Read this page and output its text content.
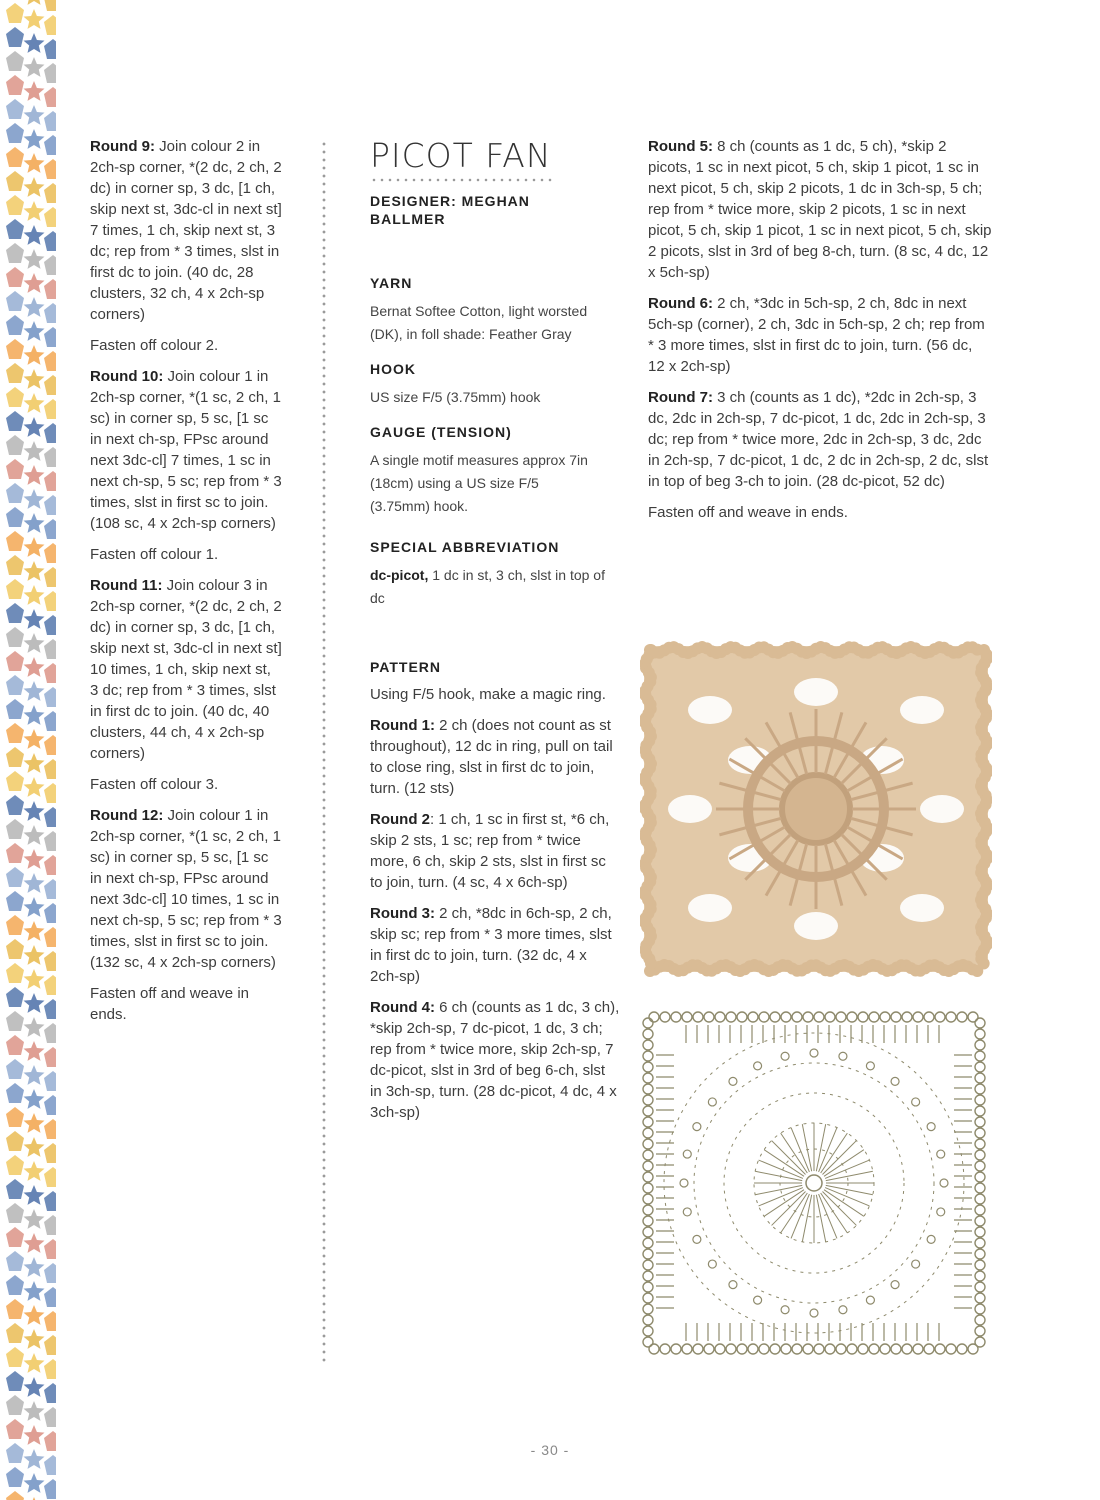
Round 9: Join colour 2 in 2ch-sp corner, *(2 dc, 2 ch, 2 dc) in corner sp, 3 dc, [1 ch, skip next st, 3dc-cl in next st] 7 times, 1 ch, skip next st, 3 dc; rep from * 3 times, slst in first dc to join. (40 dc, 28 clusters, 32 ch, 4 x 2ch-sp corners)

Fasten off colour 2.

Round 10: Join colour 1 in 2ch-sp corner, *(1 sc, 2 ch, 1 sc) in corner sp, 5 sc, [1 sc in next ch-sp, FPsc around next 3dc-cl] 7 times, 1 sc in next ch-sp, 5 sc; rep from * 3 times, slst in first sc to join. (108 sc, 4 x 2ch-sp corners)

Fasten off colour 1.

Round 11: Join colour 3 in 2ch-sp corner, *(2 dc, 2 ch, 2 dc) in corner sp, 3 dc, [1 ch, skip next st, 3dc-cl in next st] 10 times, 1 ch, skip next st, 3 dc; rep from * 3 times, slst in first dc to join. (40 dc, 40 clusters, 44 ch, 4 x 2ch-sp corners)

Fasten off colour 3.

Round 12: Join colour 1 in 2ch-sp corner, *(1 sc, 2 ch, 1 sc) in corner sp, 5 sc, [1 sc in next ch-sp, FPsc around next 3dc-cl] 10 times, 1 sc in next ch-sp, 5 sc; rep from * 3 times, slst in first sc to join. (132 sc, 4 x 2ch-sp corners)

Fasten off and weave in ends.

PICOT FAN

DESIGNER: MEGHAN BALLMER

YARN

Bernat Softee Cotton, light worsted (DK), in foll shade: Feather Gray

HOOK

US size F/5 (3.75mm) hook

GAUGE (TENSION)

A single motif measures approx 7in (18cm) using a US size F/5 (3.75mm) hook.

SPECIAL ABBREVIATION

dc-picot, 1 dc in st, 3 ch, slst in top of dc

PATTERN

Using F/5 hook, make a magic ring.

Round 1: 2 ch (does not count as st throughout), 12 dc in ring, pull on tail to close ring, slst in first dc to join, turn. (12 sts)

Round 2: 1 ch, 1 sc in first st, *6 ch, skip 2 sts, 1 sc; rep from * twice more, 6 ch, skip 2 sts, slst in first sc to join, turn. (4 sc, 4 x 6ch-sp)

Round 3: 2 ch, *8dc in 6ch-sp, 2 ch, skip sc; rep from * 3 more times, slst in first dc to join, turn. (32 dc, 4 x 2ch-sp)

Round 4: 6 ch (counts as 1 dc, 3 ch), *skip 2ch-sp, 7 dc-picot, 1 dc, 3 ch; rep from * twice more, skip 2ch-sp, 7 dc-picot, slst in 3rd of beg 6-ch, slst in 3ch-sp, turn. (28 dc-picot, 4 dc, 4 x 3ch-sp)

Round 5: 8 ch (counts as 1 dc, 5 ch), *skip 2 picots, 1 sc in next picot, 5 ch, skip 1 picot, 1 sc in next picot, 5 ch, skip 2 picots, 1 dc in 3ch-sp, 5 ch; rep from * twice more, skip 2 picots, 1 sc in next picot, 5 ch, skip 1 picot, 1 sc in next picot, 5 ch, skip 2 picots, slst in 3rd of beg 8-ch, turn. (8 sc, 4 dc, 12 x 5ch-sp)

Round 6: 2 ch, *3dc in 5ch-sp, 2 ch, 8dc in next 5ch-sp (corner), 2 ch, 3dc in 5ch-sp, 2 ch; rep from * 3 more times, slst in first dc to join, turn. (56 dc, 12 x 2ch-sp)

Round 7: 3 ch (counts as 1 dc), *2dc in 2ch-sp, 3 dc, 2dc in 2ch-sp, 7 dc-picot, 1 dc, 2dc in 2ch-sp, 3 dc; rep from * twice more, 2dc in 2ch-sp, 3 dc, 2dc in 2ch-sp, 7 dc-picot, 1 dc, 2 dc in 2ch-sp, 2 dc, slst in top of beg 3-ch to join. (28 dc-picot, 52 dc)

Fasten off and weave in ends.

- 30 -
